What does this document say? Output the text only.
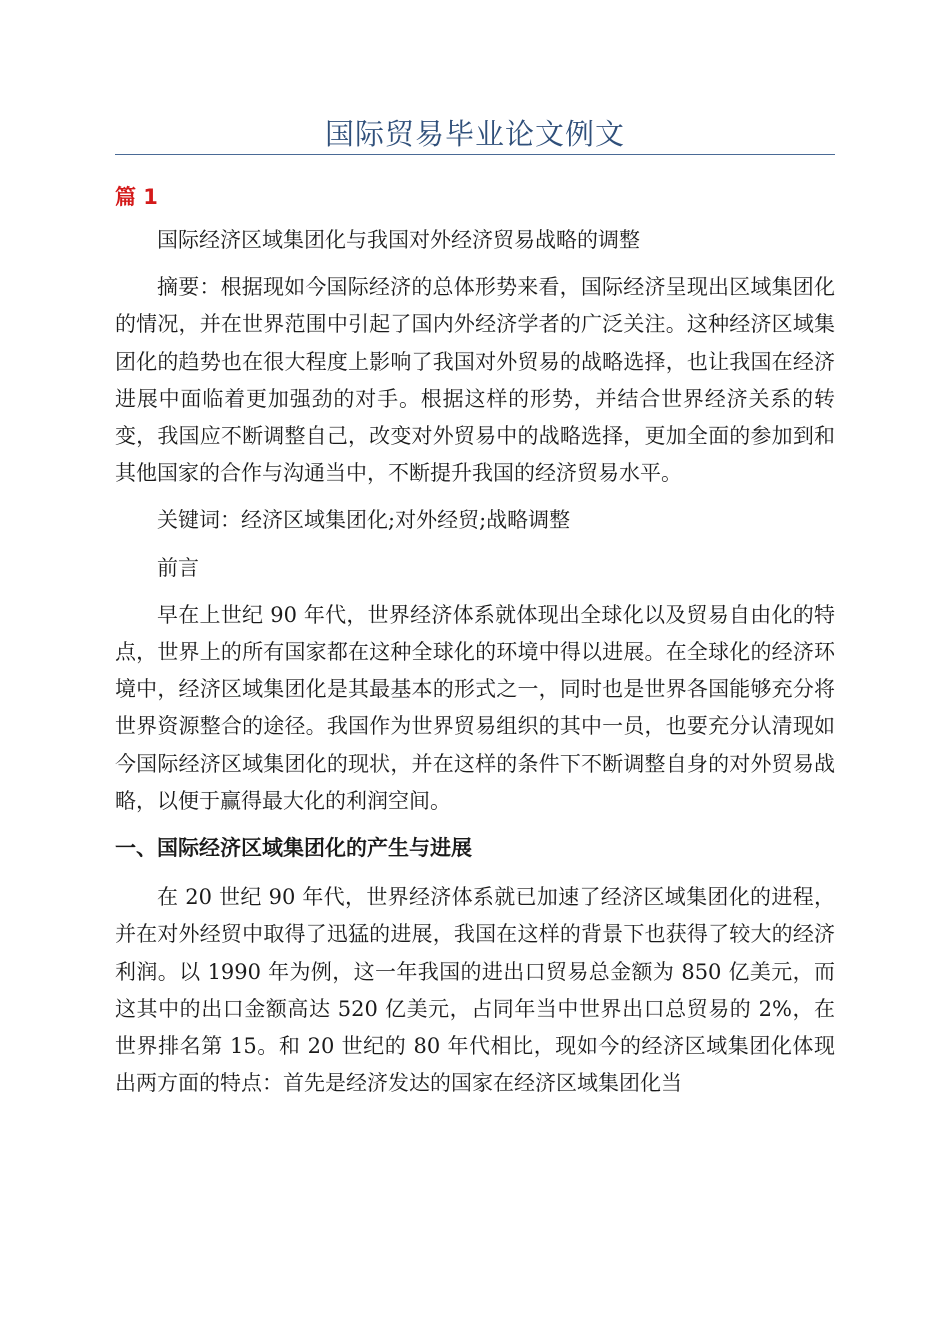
国际贸易毕业论文例文
篇 1

国际经济区域集团化与我国对外经济贸易战略的调整

摘要：根据现如今国际经济的总体形势来看，国际经济呈现出区域集团化的情况，并在世界范围中引起了国内外经济学者的广泛关注。这种经济区域集团化的趋势也在很大程度上影响了我国对外贸易的战略选择，也让我国在经济进展中面临着更加强劲的对手。根据这样的形势，并结合世界经济关系的转变，我国应不断调整自己，改变对外贸易中的战略选择，更加全面的参加到和其他国家的合作与沟通当中，不断提升我国的经济贸易水平。

关键词：经济区域集团化;对外经贸;战略调整

前言

早在上世纪 90 年代，世界经济体系就体现出全球化以及贸易自由化的特点，世界上的所有国家都在这种全球化的环境中得以进展。在全球化的经济环境中，经济区域集团化是其最基本的形式之一，同时也是世界各国能够充分将世界资源整合的途径。我国作为世界贸易组织的其中一员，也要充分认清现如今国际经济区域集团化的现状，并在这样的条件下不断调整自身的对外贸易战略，以便于赢得最大化的利润空间。

一、国际经济区域集团化的产生与进展

在 20 世纪 90 年代，世界经济体系就已加速了经济区域集团化的进程，并在对外经贸中取得了迅猛的进展，我国在这样的背景下也获得了较大的经济利润。以 1990 年为例，这一年我国的进出口贸易总金额为 850 亿美元，而这其中的出口金额高达 520 亿美元，占同年当中世界出口总贸易的 2%，在世界排名第 15。和 20 世纪的 80 年代相比，现如今的经济区域集团化体现出两方面的特点：首先是经济发达的国家在经济区域集团化当
